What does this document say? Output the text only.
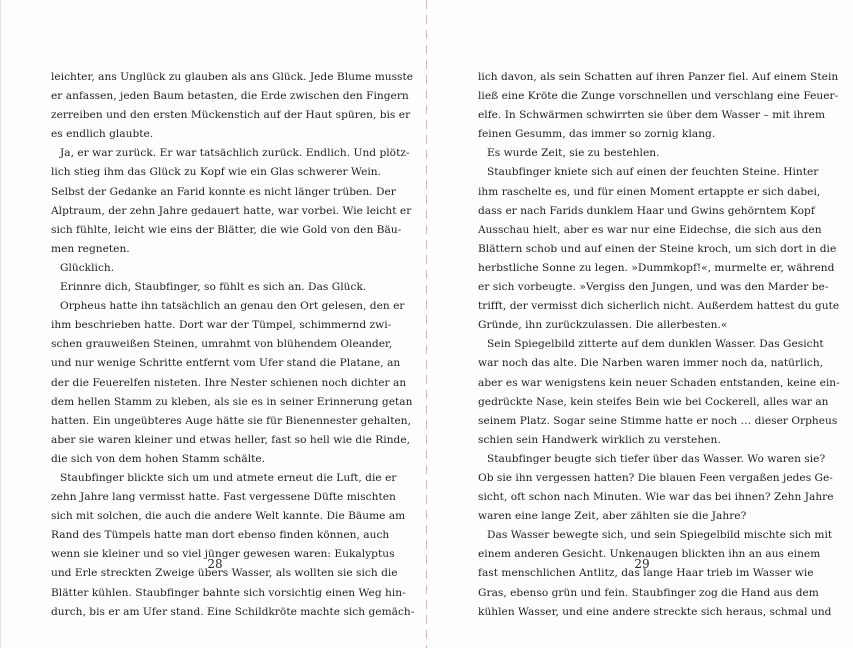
leichter, ans Unglück zu glauben als ans Glück. Jede Blume musste
er anfassen, jeden Baum betasten, die Erde zwischen den Fingern
zerreiben und den ersten Mückenstich auf der Haut spüren, bis er
es endlich glaubte.
Ja, er war zurück. Er war tatsächlich zurück. Endlich. Und plötz-
lich stieg ihm das Glück zu Kopf wie ein Glas schwerer Wein.
Selbst der Gedanke an Farid konnte es nicht länger trüben. Der
Alptraum, der zehn Jahre gedauert hatte, war vorbei. Wie leicht er
sich fühlte, leicht wie eins der Blätter, die wie Gold von den Bäu-
men regneten.
Glücklich.
Erinnre dich, Staubfinger, so fühlt es sich an. Das Glück.
Orpheus hatte ihn tatsächlich an genau den Ort gelesen, den er
ihm beschrieben hatte. Dort war der Tümpel, schimmernd zwi-
schen grauweißen Steinen, umrahmt von blühendem Oleander,
und nur wenige Schritte entfernt vom Ufer stand die Platane, an
der die Feuerelfen nisteten. Ihre Nester schienen noch dichter an
dem hellen Stamm zu kleben, als sie es in seiner Erinnerung getan
hatten. Ein ungeübteres Auge hätte sie für Bienennester gehalten,
aber sie waren kleiner und etwas heller, fast so hell wie die Rinde,
die sich von dem hohen Stamm schälte.
Staubfinger blickte sich um und atmete erneut die Luft, die er
zehn Jahre lang vermisst hatte. Fast vergessene Düfte mischten
sich mit solchen, die auch die andere Welt kannte. Die Bäume am
Rand des Tümpels hatte man dort ebenso finden können, auch
wenn sie kleiner und so viel jünger gewesen waren: Eukalyptus
und Erle streckten Zweige übers Wasser, als wollten sie sich die
Blätter kühlen. Staubfinger bahnte sich vorsichtig einen Weg hin-
durch, bis er am Ufer stand. Eine Schildkröte machte sich gemäch-
28
lich davon, als sein Schatten auf ihren Panzer fiel. Auf einem Stein
ließ eine Kröte die Zunge vorschnellen und verschlang eine Feuer-
elfe. In Schwärmen schwirrten sie über dem Wasser – mit ihrem
feinen Gesumm, das immer so zornig klang.
Es wurde Zeit, sie zu bestehlen.
Staubfinger kniete sich auf einen der feuchten Steine. Hinter
ihm raschelte es, und für einen Moment ertappte er sich dabei,
dass er nach Farids dunklem Haar und Gwins gehörntem Kopf
Ausschau hielt, aber es war nur eine Eidechse, die sich aus den
Blättern schob und auf einen der Steine kroch, um sich dort in die
herbstliche Sonne zu legen. »Dummkopf!«, murmelte er, während
er sich vorbeugte. »Vergiss den Jungen, und was den Marder be-
trifft, der vermisst dich sicherlich nicht. Außerdem hattest du gute
Gründe, ihn zurückzulassen. Die allerbesten.«
Sein Spiegelbild zitterte auf dem dunklen Wasser. Das Gesicht
war noch das alte. Die Narben waren immer noch da, natürlich,
aber es war wenigstens kein neuer Schaden entstanden, keine ein-
gedrückte Nase, kein steifes Bein wie bei Cockerell, alles war an
seinem Platz. Sogar seine Stimme hatte er noch … dieser Orpheus
schien sein Handwerk wirklich zu verstehen.
Staubfinger beugte sich tiefer über das Wasser. Wo waren sie?
Ob sie ihn vergessen hatten? Die blauen Feen vergaßen jedes Ge-
sicht, oft schon nach Minuten. Wie war das bei ihnen? Zehn Jahre
waren eine lange Zeit, aber zählten sie die Jahre?
Das Wasser bewegte sich, und sein Spiegelbild mischte sich mit
einem anderen Gesicht. Unkenaugen blickten ihn an aus einem
fast menschlichen Antlitz, das lange Haar trieb im Wasser wie
Gras, ebenso grün und fein. Staubfinger zog die Hand aus dem
kühlen Wasser, und eine andere streckte sich heraus, schmal und
29
